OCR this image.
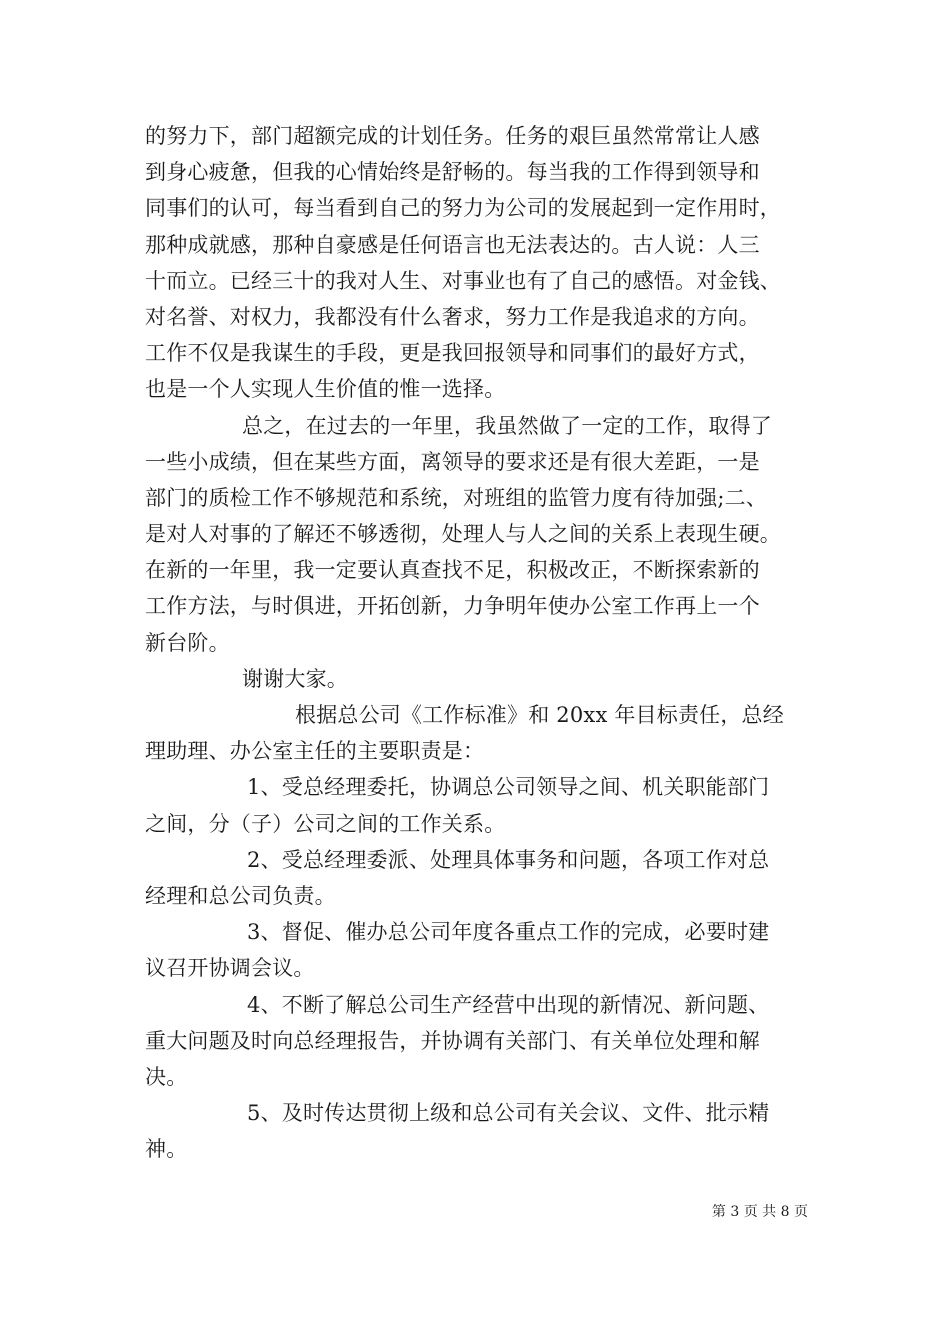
的努力下，部门超额完成的计划任务。任务的艰巨虽然常常让人感
到身心疲惫，但我的心情始终是舒畅的。每当我的工作得到领导和
同事们的认可，每当看到自己的努力为公司的发展起到一定作用时，
那种成就感，那种自豪感是任何语言也无法表达的。古人说：人三
十而立。已经三十的我对人生、对事业也有了自己的感悟。对金钱、
对名誉、对权力，我都没有什么奢求，努力工作是我追求的方向。
工作不仅是我谋生的手段，更是我回报领导和同事们的最好方式，
也是一个人实现人生价值的惟一选择。
总之，在过去的一年里，我虽然做了一定的工作，取得了
一些小成绩，但在某些方面，离领导的要求还是有很大差距，一是
部门的质检工作不够规范和系统，对班组的监管力度有待加强;二、
是对人对事的了解还不够透彻，处理人与人之间的关系上表现生硬。
在新的一年里，我一定要认真查找不足，积极改正，不断探索新的
工作方法，与时俱进，开拓创新，力争明年使办公室工作再上一个
新台阶。
谢谢大家。
根据总公司《工作标准》和 20xx 年目标责任，总经
理助理、办公室主任的主要职责是：
1、受总经理委托，协调总公司领导之间、机关职能部门
之间，分（子）公司之间的工作关系。
2、受总经理委派、处理具体事务和问题，各项工作对总
经理和总公司负责。
3、督促、催办总公司年度各重点工作的完成，必要时建
议召开协调会议。
4、不断了解总公司生产经营中出现的新情况、新问题、
重大问题及时向总经理报告，并协调有关部门、有关单位处理和解
决。
5、及时传达贯彻上级和总公司有关会议、文件、批示精
神。
第 3 页 共 8 页
